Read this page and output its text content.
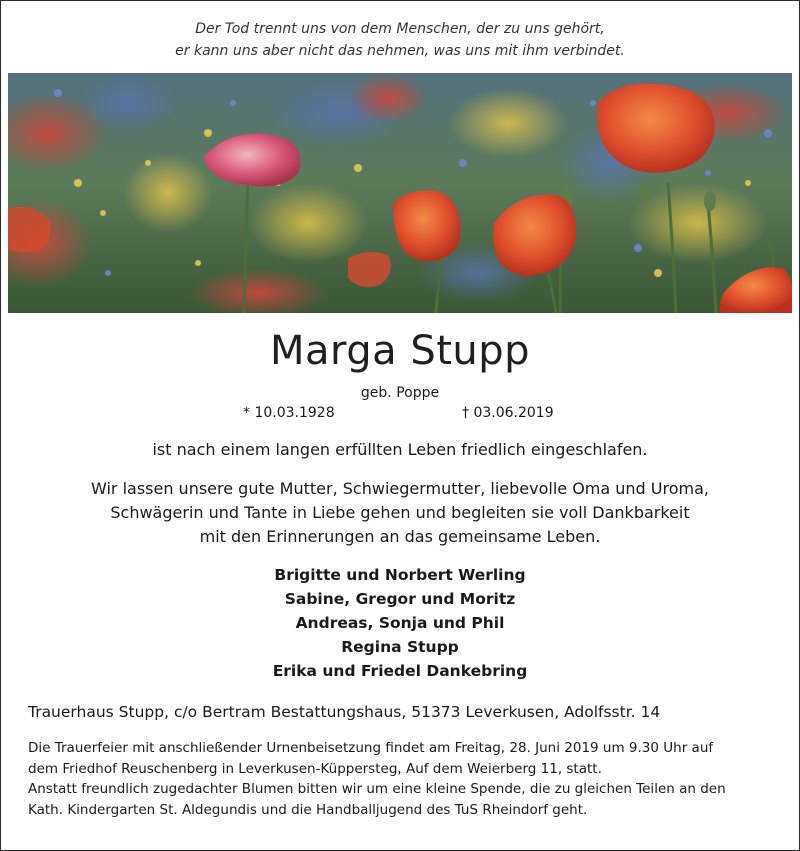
Der Tod trennt uns von dem Menschen, der zu uns gehört,
er kann uns aber nicht das nehmen, was uns mit ihm verbindet.
Marga Stupp
geb. Poppe
* 10.03.1928	† 03.06.2019
ist nach einem langen erfüllten Leben friedlich eingeschlafen.
Wir lassen unsere gute Mutter, Schwiegermutter, liebevolle Oma und Uroma,
Schwägerin und Tante in Liebe gehen und begleiten sie voll Dankbarkeit
mit den Erinnerungen an das gemeinsame Leben.
Brigitte und Norbert Werling
Sabine, Gregor und Moritz
Andreas, Sonja und Phil
Regina Stupp
Erika und Friedel Dankebring
Trauerhaus Stupp, c/o Bertram Bestattungshaus, 51373 Leverkusen, Adolfsstr. 14
Die Trauerfeier mit anschließender Urnenbeisetzung findet am Freitag, 28. Juni 2019 um 9.30 Uhr auf
dem Friedhof Reuschenberg in Leverkusen-Küppersteg, Auf dem Weierberg 11, statt.
Anstatt freundlich zugedachter Blumen bitten wir um eine kleine Spende, die zu gleichen Teilen an den
Kath. Kindergarten St. Aldegundis und die Handballjugend des TuS Rheindorf geht.
